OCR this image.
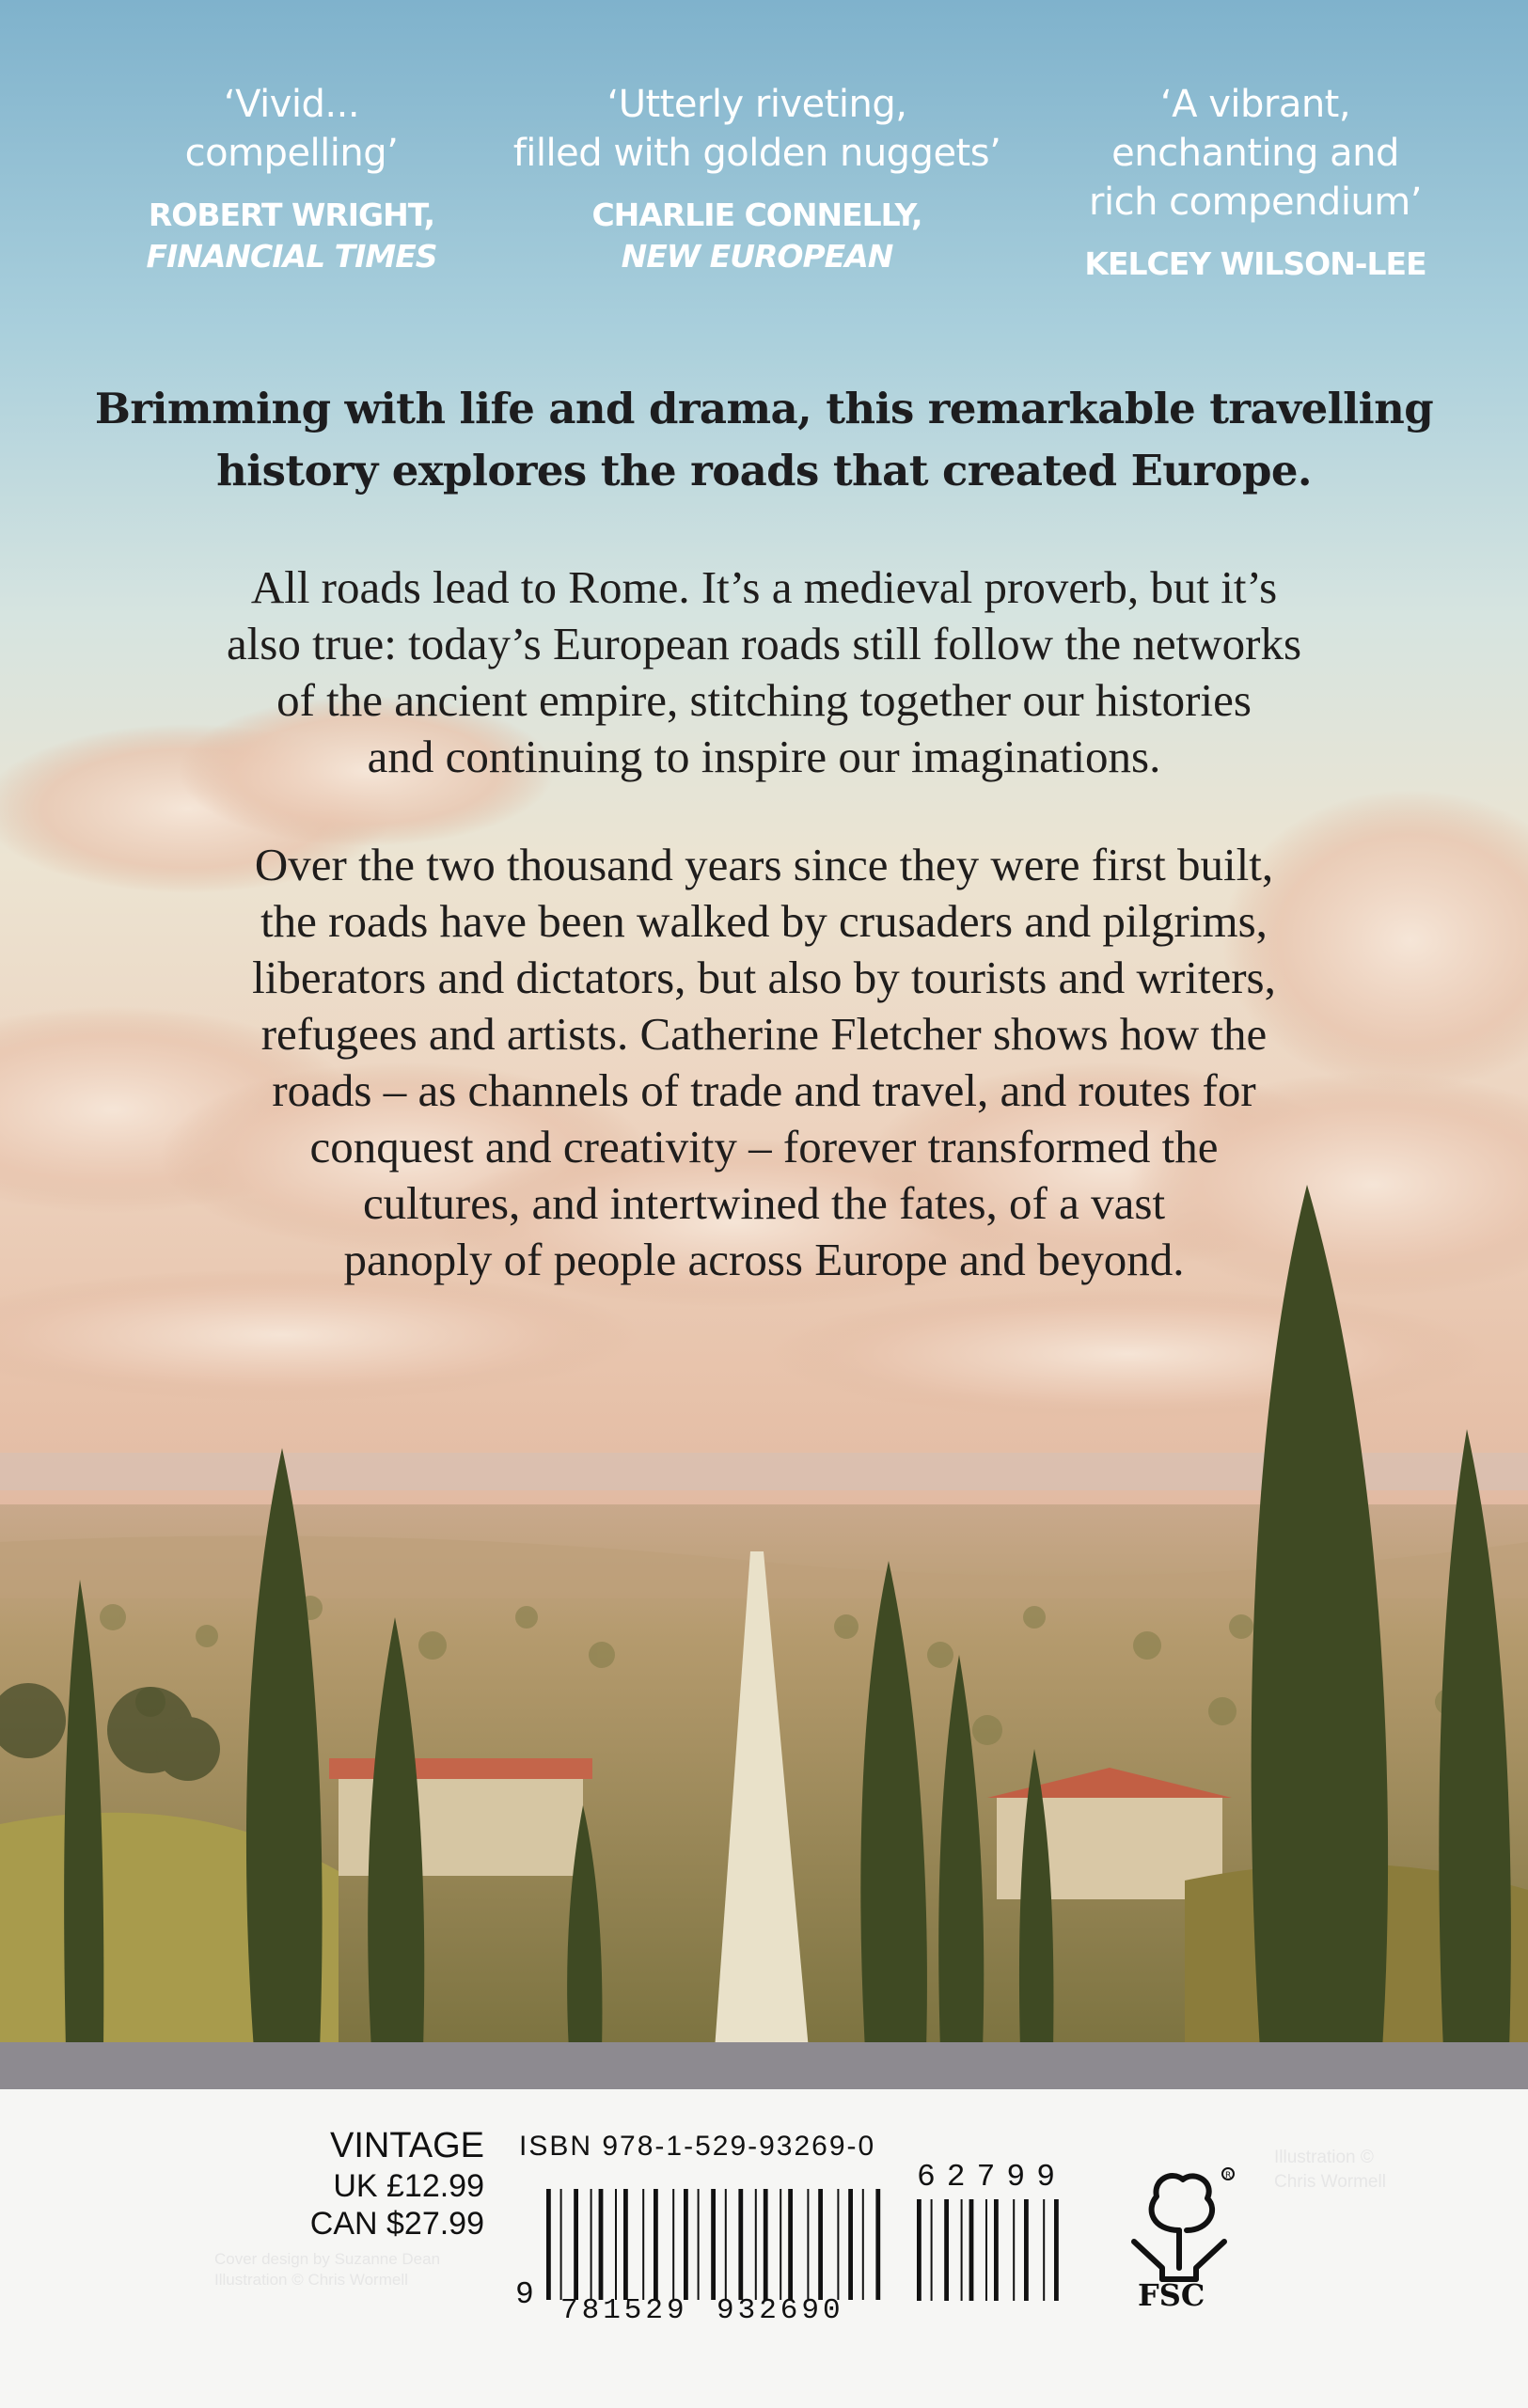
‘Vivid...
compelling’
ROBERT WRIGHT,
FINANCIAL TIMES
‘Utterly riveting,
filled with golden nuggets’
CHARLIE CONNELLY,
NEW EUROPEAN
‘A vibrant,
enchanting and
rich compendium’
KELCEY WILSON-LEE
Brimming with life and drama, this remarkable travelling
history explores the roads that created Europe.
All roads lead to Rome. It’s a medieval proverb, but it’s
also true: today’s European roads still follow the networks
of the ancient empire, stitching together our histories
and continuing to inspire our imaginations.
Over the two thousand years since they were first built,
the roads have been walked by crusaders and pilgrims,
liberators and dictators, but also by tourists and writers,
refugees and artists. Catherine Fletcher shows how the
roads – as channels of trade and travel, and routes for
conquest and creativity – forever transformed the
cultures, and intertwined the fates, of a vast
panoply of people across Europe and beyond.
VINTAGE
UK £12.99
CAN $27.99
Cover design by Suzanne Dean
Illustration © Chris Wormell
ISBN 978-1-529-93269-0
9 781529 932690
62799	R
FSC
Illustration ©
Chris Wormell
